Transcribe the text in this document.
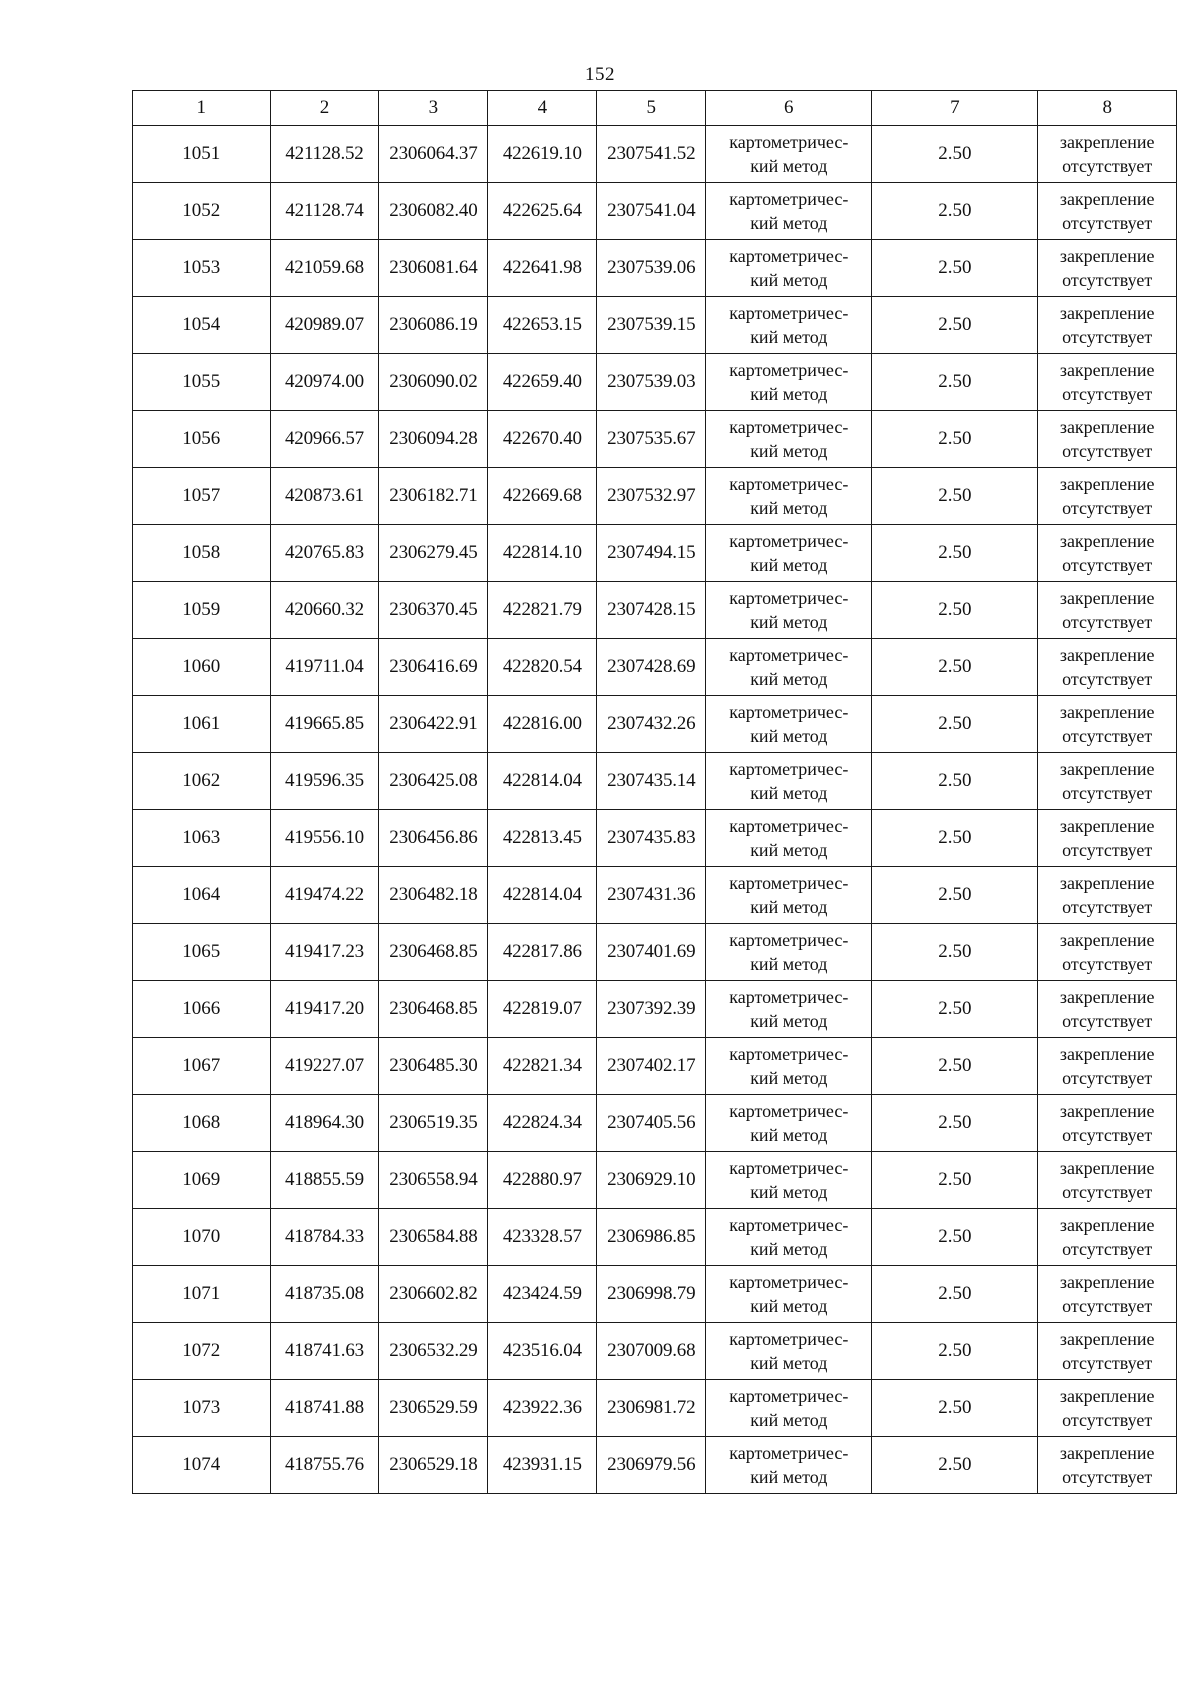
152
1	2	3	4	5	6	7	8
1051	421128.52	2306064.37	422619.10	2307541.52	картометричес-
кий метод	2.50	закрепление
отсутствует

1052	421128.74	2306082.40	422625.64	2307541.04	картометричес-
кий метод	2.50	закрепление
отсутствует

1053	421059.68	2306081.64	422641.98	2307539.06	картометричес-
кий метод	2.50	закрепление
отсутствует

1054	420989.07	2306086.19	422653.15	2307539.15	картометричес-
кий метод	2.50	закрепление
отсутствует

1055	420974.00	2306090.02	422659.40	2307539.03	картометричес-
кий метод	2.50	закрепление
отсутствует

1056	420966.57	2306094.28	422670.40	2307535.67	картометричес-
кий метод	2.50	закрепление
отсутствует

1057	420873.61	2306182.71	422669.68	2307532.97	картометричес-
кий метод	2.50	закрепление
отсутствует

1058	420765.83	2306279.45	422814.10	2307494.15	картометричес-
кий метод	2.50	закрепление
отсутствует

1059	420660.32	2306370.45	422821.79	2307428.15	картометричес-
кий метод	2.50	закрепление
отсутствует

1060	419711.04	2306416.69	422820.54	2307428.69	картометричес-
кий метод	2.50	закрепление
отсутствует

1061	419665.85	2306422.91	422816.00	2307432.26	картометричес-
кий метод	2.50	закрепление
отсутствует

1062	419596.35	2306425.08	422814.04	2307435.14	картометричес-
кий метод	2.50	закрепление
отсутствует

1063	419556.10	2306456.86	422813.45	2307435.83	картометричес-
кий метод	2.50	закрепление
отсутствует

1064	419474.22	2306482.18	422814.04	2307431.36	картометричес-
кий метод	2.50	закрепление
отсутствует

1065	419417.23	2306468.85	422817.86	2307401.69	картометричес-
кий метод	2.50	закрепление
отсутствует

1066	419417.20	2306468.85	422819.07	2307392.39	картометричес-
кий метод	2.50	закрепление
отсутствует

1067	419227.07	2306485.30	422821.34	2307402.17	картометричес-
кий метод	2.50	закрепление
отсутствует

1068	418964.30	2306519.35	422824.34	2307405.56	картометричес-
кий метод	2.50	закрепление
отсутствует

1069	418855.59	2306558.94	422880.97	2306929.10	картометричес-
кий метод	2.50	закрепление
отсутствует

1070	418784.33	2306584.88	423328.57	2306986.85	картометричес-
кий метод	2.50	закрепление
отсутствует

1071	418735.08	2306602.82	423424.59	2306998.79	картометричес-
кий метод	2.50	закрепление
отсутствует

1072	418741.63	2306532.29	423516.04	2307009.68	картометричес-
кий метод	2.50	закрепление
отсутствует

1073	418741.88	2306529.59	423922.36	2306981.72	картометричес-
кий метод	2.50	закрепление
отсутствует

1074	418755.76	2306529.18	423931.15	2306979.56	картометричес-
кий метод	2.50	закрепление
отсутствует
